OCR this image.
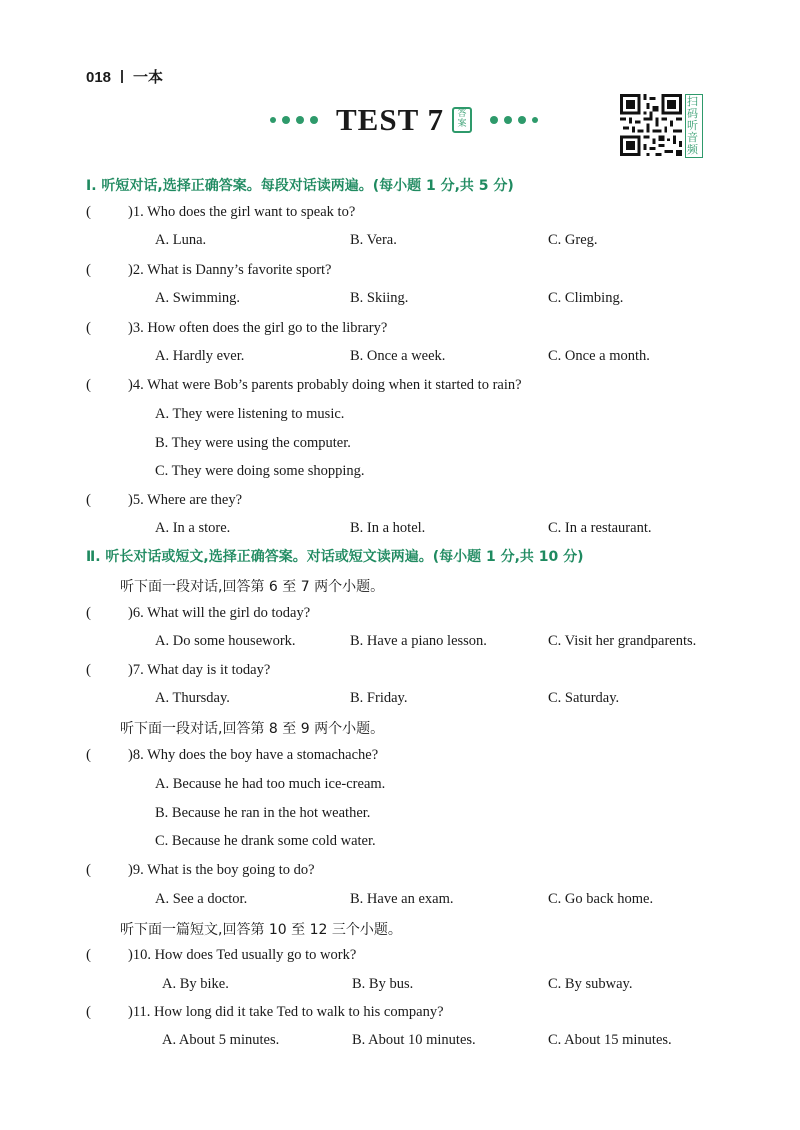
018 一本
TEST 7	答案
扫码听音频
Ⅰ. 听短对话,选择正确答案。每段对话读两遍。(每小题 1 分,共 5 分)
(	)1. Who does the girl want to speak to?
A. Luna.	B. Vera.	C. Greg.
(	)2. What is Danny’s favorite sport?
A. Swimming.	B. Skiing.	C. Climbing.
(	)3. How often does the girl go to the library?
A. Hardly ever.	B. Once a week.	C. Once a month.
(	)4. What were Bob’s parents probably doing when it started to rain?
A. They were listening to music.
B. They were using the computer.
C. They were doing some shopping.
(	)5. Where are they?
A. In a store.	B. In a hotel.	C. In a restaurant.
Ⅱ. 听长对话或短文,选择正确答案。对话或短文读两遍。(每小题 1 分,共 10 分)
听下面一段对话,回答第 6 至 7 两个小题。
(	)6. What will the girl do today?
A. Do some housework.	B. Have a piano lesson.	C. Visit her grandparents.
(	)7. What day is it today?
A. Thursday.	B. Friday.	C. Saturday.
听下面一段对话,回答第 8 至 9 两个小题。
(	)8. Why does the boy have a stomachache?
A. Because he had too much ice-cream.
B. Because he ran in the hot weather.
C. Because he drank some cold water.
(	)9. What is the boy going to do?
A. See a doctor.	B. Have an exam.	C. Go back home.
听下面一篇短文,回答第 10 至 12 三个小题。
(	)10. How does Ted usually go to work?
A. By bike.	B. By bus.	C. By subway.
(	)11. How long did it take Ted to walk to his company?
A. About 5 minutes.	B. About 10 minutes.	C. About 15 minutes.
